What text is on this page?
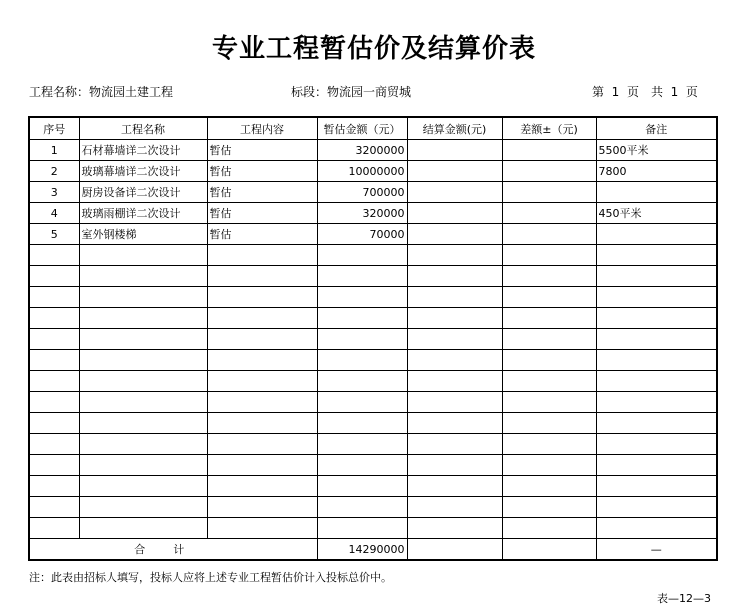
专业工程暂估价及结算价表
工程名称：物流园土建工程	标段：物流园一商贸城	第 1 页　共 1 页
序号	工程名称	工程内容	暂估金额（元）	结算金额(元)	差额±（元)	备注
1	石材幕墙详二次设计	暂估	3200000			5500平米
2	玻璃幕墙详二次设计	暂估	10000000			7800
3	厨房设备详二次设计	暂估	700000			
4	玻璃雨棚详二次设计	暂估	320000			450平米
5	室外钢楼梯	暂估	70000			

合计			14290000			—
注：此表由招标人填写，投标人应将上述专业工程暂估价计入投标总价中。
表—12—3
